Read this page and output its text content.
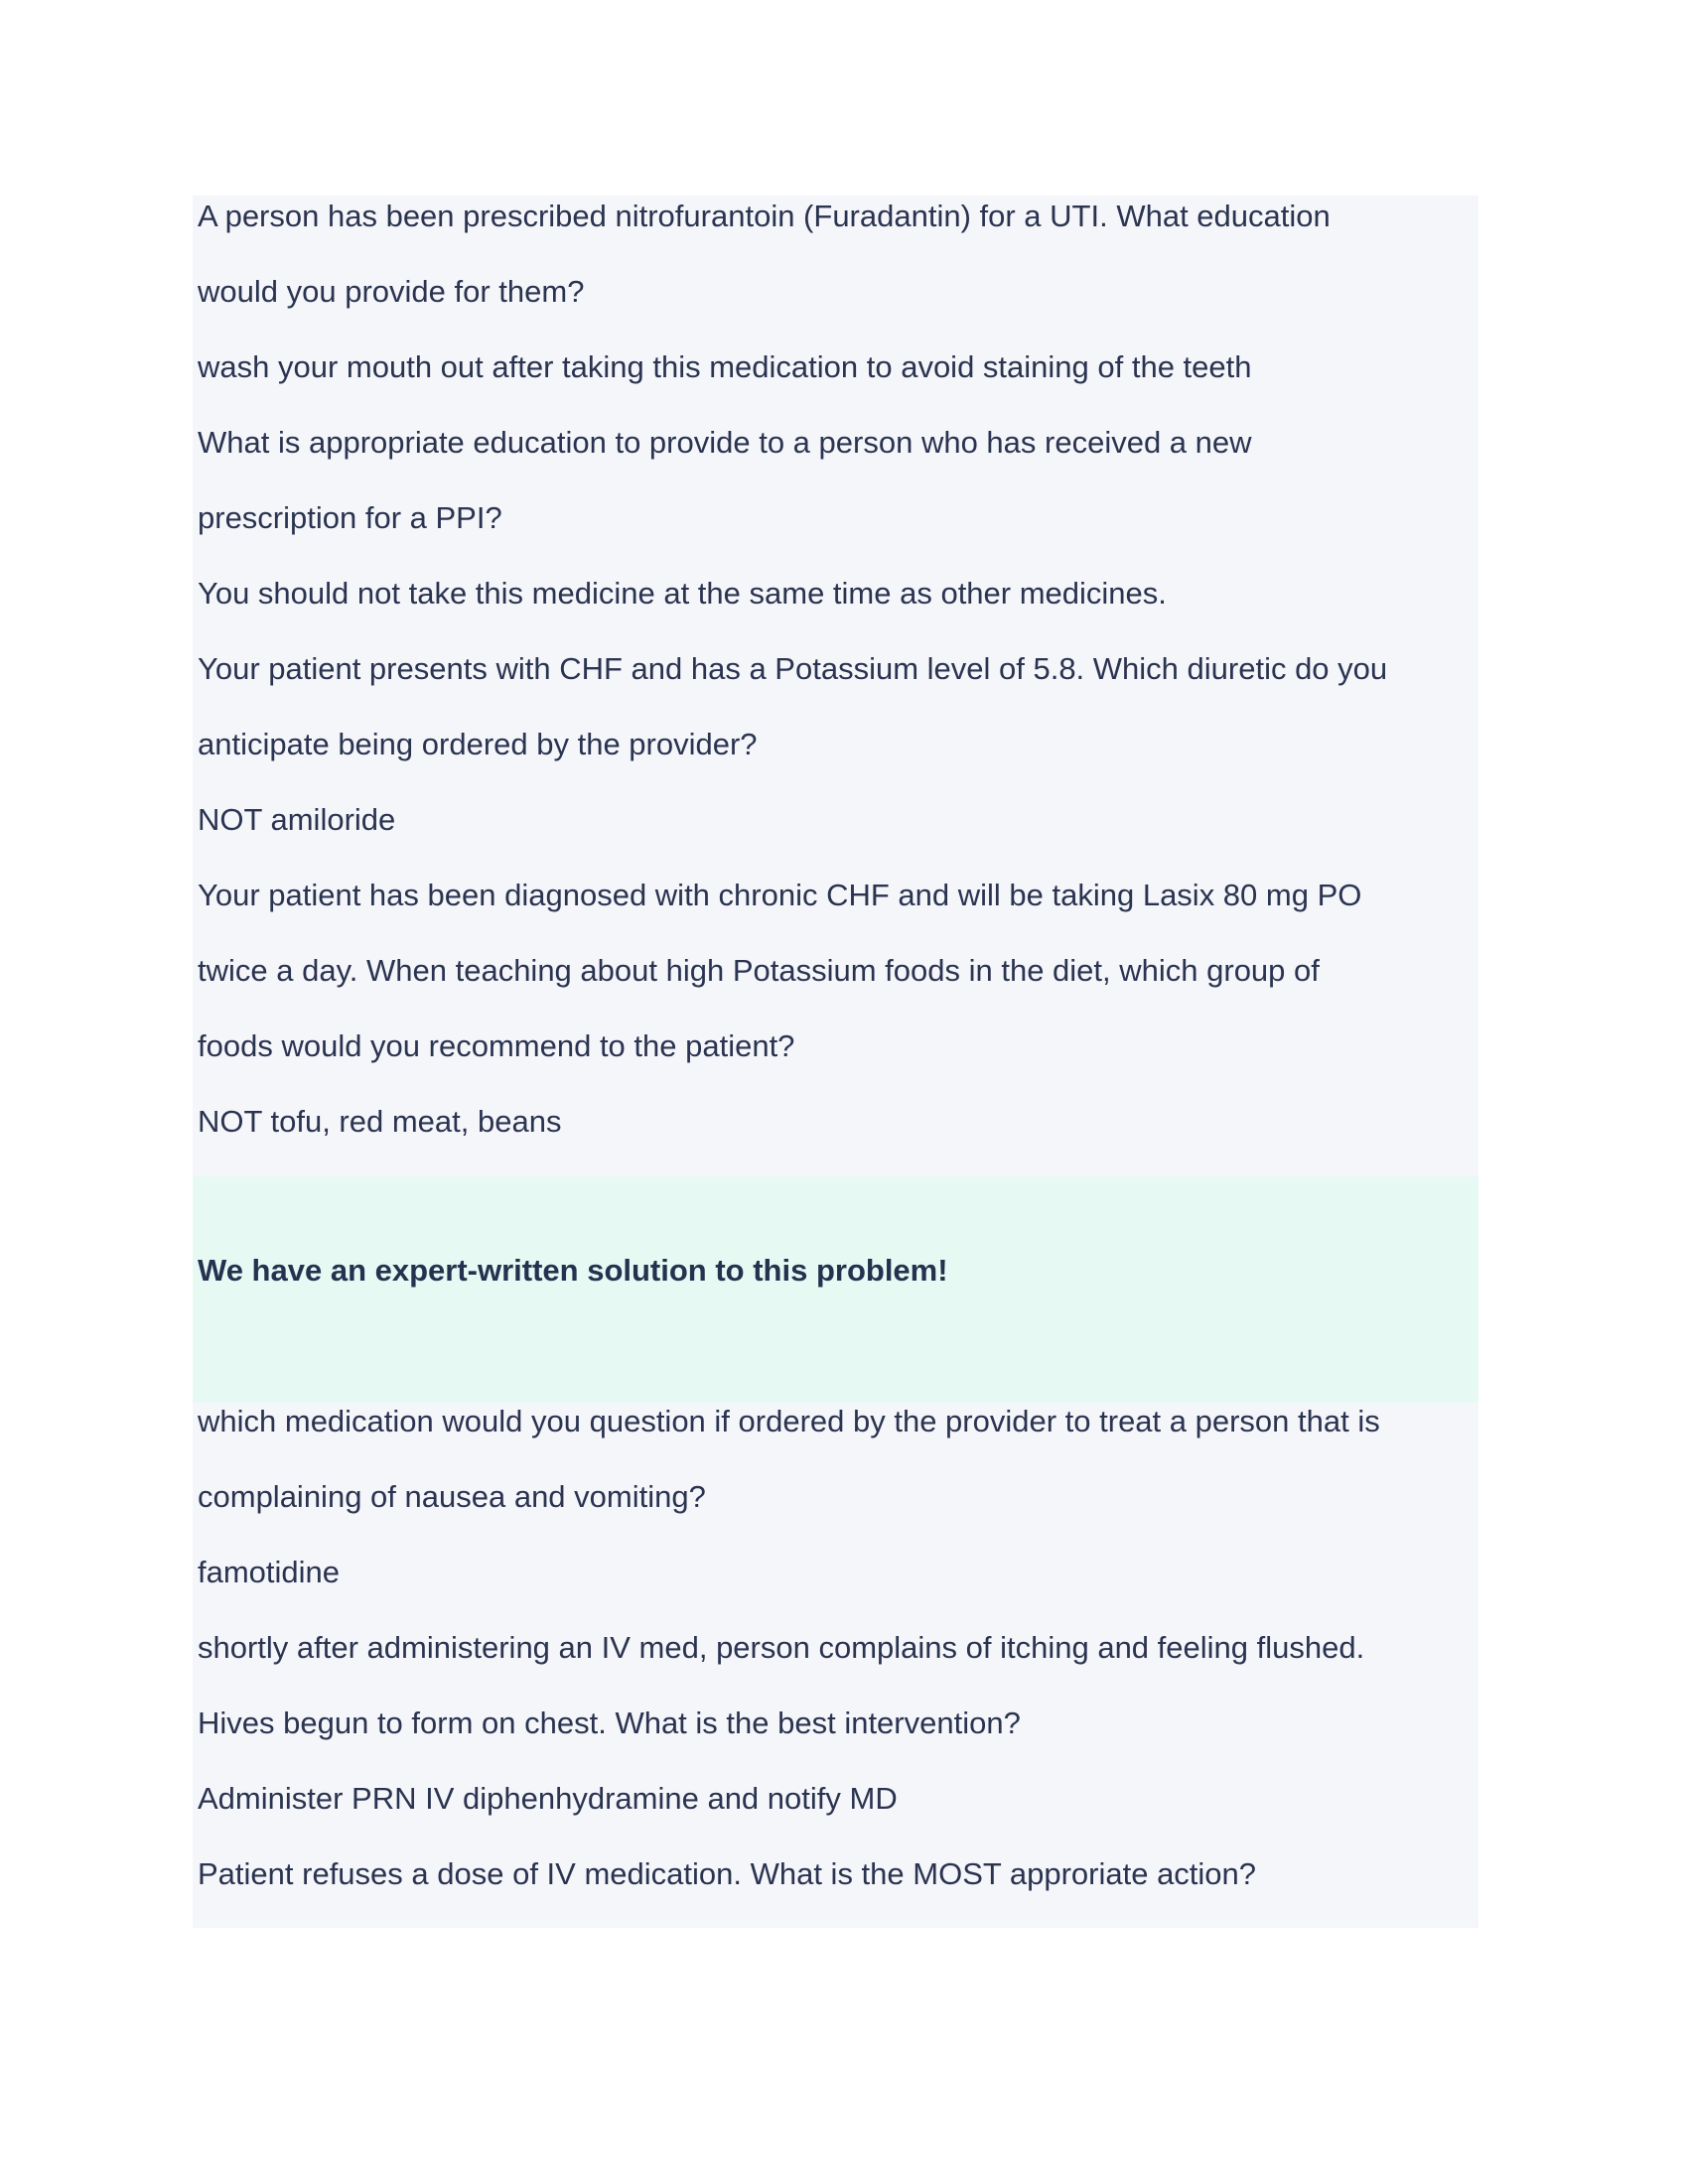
A person has been prescribed nitrofurantoin (Furadantin) for a UTI. What education
would you provide for them?
wash your mouth out after taking this medication to avoid staining of the teeth
What is appropriate education to provide to a person who has received a new
prescription for a PPI?
You should not take this medicine at the same time as other medicines.
Your patient presents with CHF and has a Potassium level of 5.8. Which diuretic do you
anticipate being ordered by the provider?
NOT amiloride
Your patient has been diagnosed with chronic CHF and will be taking Lasix 80 mg PO
twice a day. When teaching about high Potassium foods in the diet, which group of
foods would you recommend to the patient?
NOT tofu, red meat, beans
We have an expert-written solution to this problem!
which medication would you question if ordered by the provider to treat a person that is
complaining of nausea and vomiting?
famotidine
shortly after administering an IV med, person complains of itching and feeling flushed.
Hives begun to form on chest. What is the best intervention?
Administer PRN IV diphenhydramine and notify MD
Patient refuses a dose of IV medication. What is the MOST approriate action?
